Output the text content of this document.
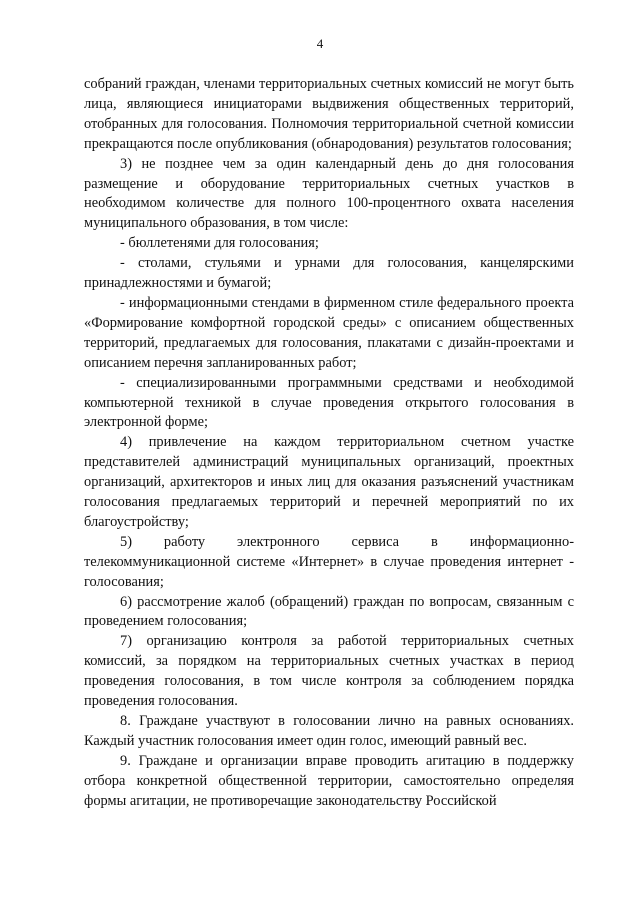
4

собраний граждан, членами территориальных счетных комиссий не могут быть лица, являющиеся инициаторами выдвижения общественных территорий, отобранных для голосования. Полномочия территориальной счетной комиссии прекращаются после опубликования (обнародования) результатов голосования;

3) не позднее чем за один календарный день до дня голосования размещение и оборудование территориальных счетных участков в необходимом количестве для полного 100-процентного охвата населения муниципального образования, в том числе:

- бюллетенями для голосования;

- столами, стульями и урнами для голосования, канцелярскими принадлежностями и бумагой;

- информационными стендами в фирменном стиле федерального проекта «Формирование комфортной городской среды» с описанием общественных территорий, предлагаемых для голосования, плакатами с дизайн-проектами и описанием перечня запланированных работ;

- специализированными программными средствами и необходимой компьютерной техникой в случае проведения открытого голосования в электронной форме;

4) привлечение на каждом территориальном счетном участке представителей администраций муниципальных организаций, проектных организаций, архитекторов и иных лиц для оказания разъяснений участникам голосования предлагаемых территорий и перечней мероприятий по их благоустройству;

5) работу электронного сервиса в информационно-телекоммуникационной системе «Интернет» в случае проведения интернет - голосования;

6) рассмотрение жалоб (обращений) граждан по вопросам, связанным с проведением голосования;

7) организацию контроля за работой территориальных счетных комиссий, за порядком на территориальных счетных участках в период проведения голосования, в том числе контроля за соблюдением порядка проведения голосования.

8. Граждане участвуют в голосовании лично на равных основаниях. Каждый участник голосования имеет один голос, имеющий равный вес.

9. Граждане и организации вправе проводить агитацию в поддержку отбора конкретной общественной территории, самостоятельно определяя формы агитации, не противоречащие законодательству Российской
